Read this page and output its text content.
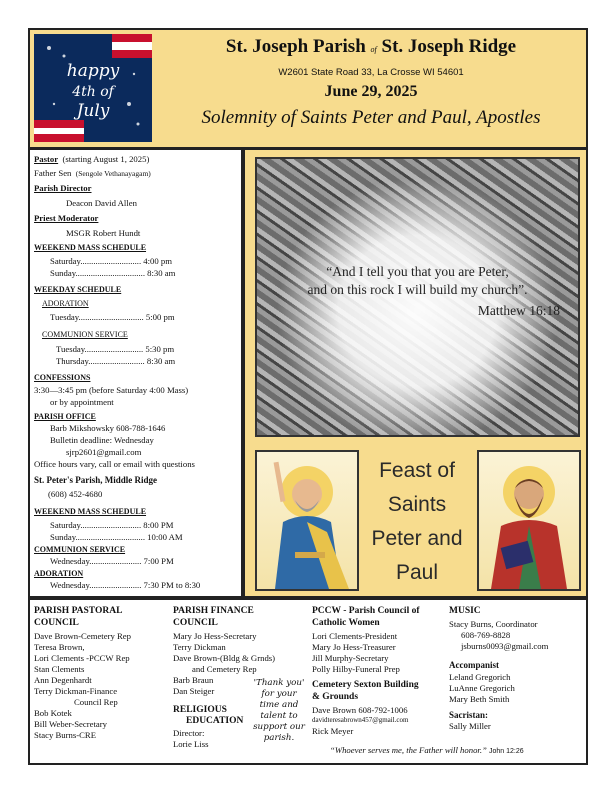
happy
4th of
July
St. Joseph Parish of St. Joseph Ridge
W2601 State Road 33, La Crosse WI 54601
June 29, 2025
Solemnity of Saints Peter and Paul, Apostles
Pastor (starting August 1, 2025)
Father Sen (Sengole Vethanayagam)
Parish Director
Deacon David Allen
Priest Moderator
MSGR Robert Hundt
WEEKEND MASS SCHEDULE
Saturday............................ 4:00 pm
Sunday................................ 8:30 am
WEEKDAY SCHEDULE
ADORATION
Tuesday.............................. 5:00 pm
COMMUNION SERVICE
Tuesday........................... 5:30 pm
Thursday.......................... 8:30 am
CONFESSIONS
3:30—3:45 pm (before Saturday 4:00 Mass)
or by appointment
PARISH OFFICE
Barb Mikshowsky 608-788-1646
Bulletin deadline: Wednesday
sjrp2601@gmail.com
Office hours vary, call or email with questions
St. Peter's Parish, Middle Ridge
(608) 452-4680
WEEKEND MASS SCHEDULE
Saturday............................ 8:00 PM
Sunday................................ 10:00 AM
COMMUNION SERVICE
Wednesday........................ 7:00 PM
ADORATION
Wednesday........................ 7:30 PM to 8:30
“And I tell you that you are Peter,
and on this rock I will build my church”.
Matthew 16:18
Feast of
Saints
Peter and
Paul
PARISH PASTORAL
COUNCIL
Dave Brown-Cemetery Rep
Teresa Brown,
Lori Clements -PCCW Rep
Stan Clements
Ann Degenhardt
Terry Dickman-Finance
Council Rep
Bob Kotek
Bill Weber-Secretary
Stacy Burns-CRE
PARISH FINANCE
COUNCIL
Mary Jo Hess-Secretary
Terry Dickman
Dave Brown-(Bldg & Grnds)
and Cemetery Rep
Barb Braun
Dan Steiger
RELIGIOUS
EDUCATION
Director:
Lorie Liss
'Thank you'
for your
time and
talent to
support our
parish.
PCCW - Parish Council of
Catholic Women
Lori Clements-President
Mary Jo Hess-Treasurer
Jill Murphy-Secretary
Polly Hilby-Funeral Prep
Cemetery Sexton Building
& Grounds
Dave Brown 608-792-1006
davidteresabrown457@gmail.com
Rick Meyer
MUSIC
Stacy Burns, Coordinator
608-769-8828
jsburns0093@gmail.com
Accompanist
Leland Gregorich
LuAnne Gregorich
Mary Beth Smith
Sacristan:
Sally Miller
“Whoever serves me, the Father will honor.” John 12:26
